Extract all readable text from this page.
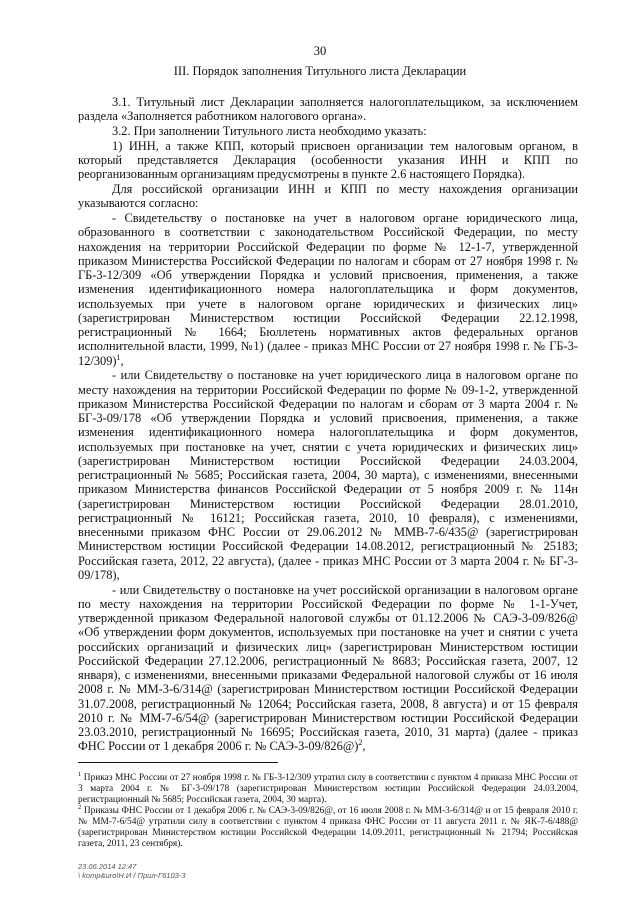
30
III. Порядок заполнения Титульного листа Декларации

3.1. Титульный лист Декларации заполняется налогоплательщиком, за исключением раздела «Заполняется работником налогового органа».

3.2. При заполнении Титульного листа необходимо указать:

1) ИНН, а также КПП, который присвоен организации тем налоговым органом, в который представляется Декларация (особенности указания ИНН и КПП по реорганизованным организациям предусмотрены в пункте 2.6 настоящего Порядка).

Для российской организации ИНН и КПП по месту нахождения организации указываются согласно:

- Свидетельству о постановке на учет в налоговом органе юридического лица, образованного в соответствии с законодательством Российской Федерации, по месту нахождения на территории Российской Федерации по форме № 12-1-7, утвержденной приказом Министерства Российской Федерации по налогам и сборам от 27 ноября 1998 г. № ГБ-3-12/309 «Об утверждении Порядка и условий присвоения, применения, а также изменения идентификационного номера налогоплательщика и форм документов, используемых при учете в налоговом органе юридических и физических лиц» (зарегистрирован Министерством юстиции Российской Федерации 22.12.1998, регистрационный № 1664; Бюллетень нормативных актов федеральных органов исполнительной власти, 1999, №1) (далее - приказ МНС России от 27 ноября 1998 г. № ГБ-3-12/309)$^1$,

- или Свидетельству о постановке на учет юридического лица в налоговом органе по месту нахождения на территории Российской Федерации по форме № 09-1-2, утвержденной приказом Министерства Российской Федерации по налогам и сборам от 3 марта 2004 г. № БГ-3-09/178 «Об утверждении Порядка и условий присвоения, применения, а также изменения идентификационного номера налогоплательщика и форм документов, используемых при постановке на учет, снятии с учета юридических и физических лиц» (зарегистрирован Министерством юстиции Российской Федерации 24.03.2004, регистрационный № 5685; Российская газета, 2004, 30 марта), с изменениями, внесенными приказом Министерства финансов Российской Федерации от 5 ноября 2009 г. № 114н (зарегистрирован Министерством юстиции Российской Федерации 28.01.2010, регистрационный № 16121; Российская газета, 2010, 10 февраля), с изменениями, внесенными приказом ФНС России от 29.06.2012 № ММВ-7-6/435@ (зарегистрирован Министерством юстиции Российской Федерации 14.08.2012, регистрационный № 25183; Российская газета, 2012, 22 августа), (далее - приказ МНС России от 3 марта 2004 г. № БГ-3-09/178),

- или Свидетельству о постановке на учет российской организации в налоговом органе по месту нахождения на территории Российской Федерации по форме № 1-1-Учет, утвержденной приказом Федеральной налоговой службы от 01.12.2006 № САЭ-3-09/826@ «Об утверждении форм документов, используемых при постановке на учет и снятии с учета российских организаций и физических лиц» (зарегистрирован Министерством юстиции Российской Федерации 27.12.2006, регистрационный № 8683; Российская газета, 2007, 12 января), с изменениями, внесенными приказами Федеральной налоговой службы от 16 июля 2008 г. № ММ-3-6/314@ (зарегистрирован Министерством юстиции Российской Федерации 31.07.2008, регистрационный № 12064; Российская газета, 2008, 8 августа) и от 15 февраля 2010 г. № ММ-7-6/54@ (зарегистрирован Министерством юстиции Российской Федерации 23.03.2010, регистрационный № 16695; Российская газета, 2010, 31 марта) (далее - приказ ФНС России от 1 декабря 2006 г. № САЭ-3-09/826@)$^2$,

$^1$ Приказ МНС России от 27 ноября 1998 г. № ГБ-3-12/309 утратил силу в соответствии с пунктом 4 приказа МНС России от 3 марта 2004 г. № БГ-3-09/178 (зарегистрирован Министерством юстиции Российской Федерации 24.03.2004, регистрационный № 5685; Российская газета, 2004, 30 марта).

$^2$ Приказы ФНС России от 1 декабря 2006 г. № САЭ-3-09/826@, от 16 июля 2008 г. № ММ-3-6/314@ и от 15 февраля 2010 г. № ММ-7-6/54@ утратили силу в соответствии с пунктом 4 приказа ФНС России от 11 августа 2011 г. № ЯК-7-6/488@ (зарегистрирован Министерством юстиции Российской Федерации 14.09.2011, регистрационный № 21794; Российская газета, 2011, 23 сентября).

23.06.2014 12:47
\ komp&uro\Н.И / Прил-Г6103-3
